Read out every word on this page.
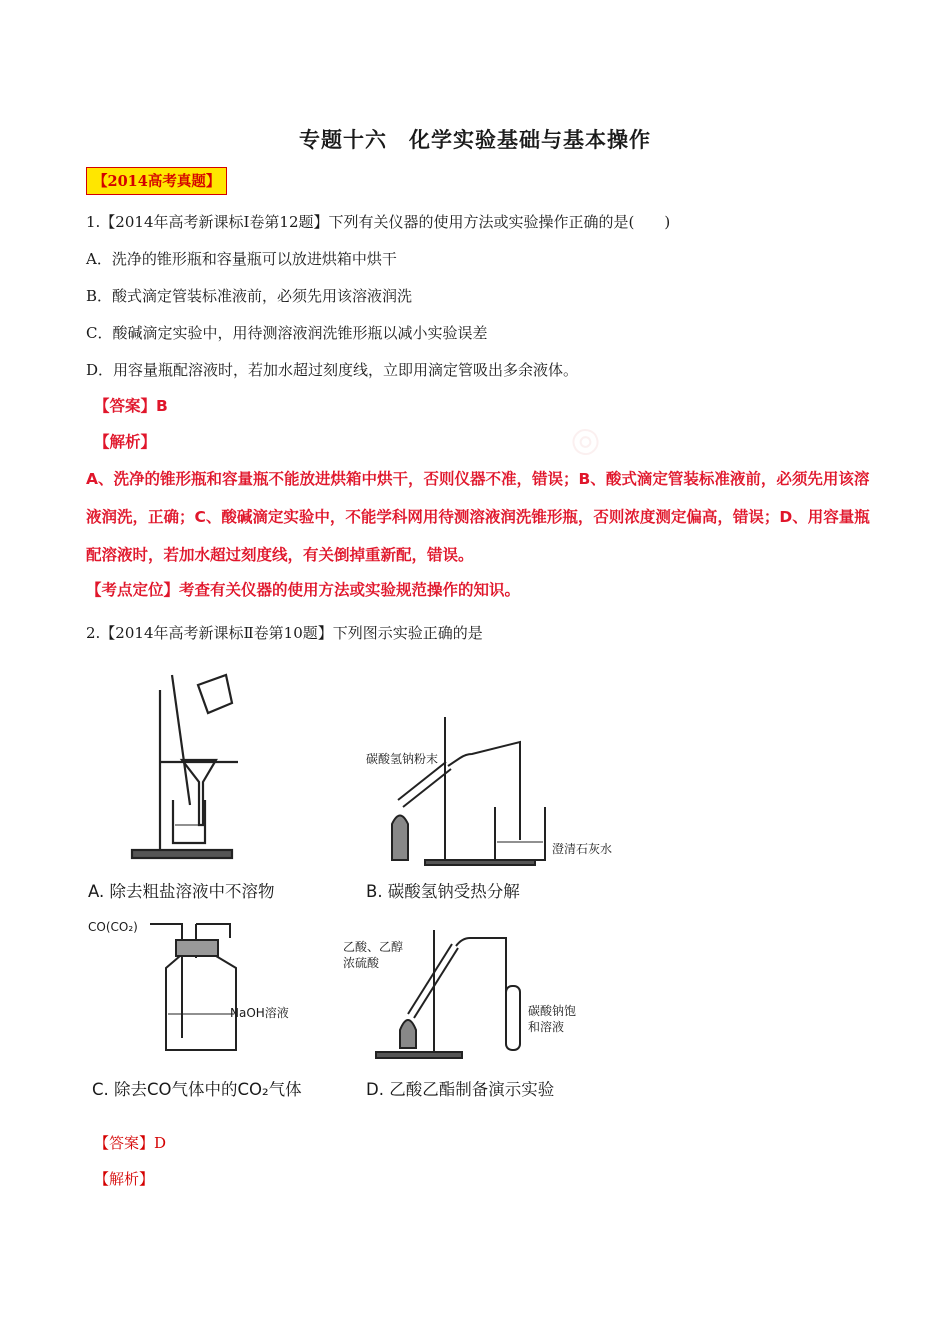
◎
专题十六　化学实验基础与基本操作
【2014高考真题】
1.【2014年高考新课标Ⅰ卷第12题】下列有关仪器的使用方法或实验操作正确的是(　　)
A．洗净的锥形瓶和容量瓶可以放进烘箱中烘干
B．酸式滴定管装标准液前，必须先用该溶液润洗
C．酸碱滴定实验中，用待测溶液润洗锥形瓶以减小实验误差
D．用容量瓶配溶液时，若加水超过刻度线，立即用滴定管吸出多余液体。
【答案】B
【解析】
A、洗净的锥形瓶和容量瓶不能放进烘箱中烘干，否则仪器不准，错误；B、酸式滴定管装标准液前，必须先用该溶液润洗，正确；C、酸碱滴定实验中，不能学科网用待测溶液润洗锥形瓶，否则浓度测定偏高，错误；D、用容量瓶配溶液时，若加水超过刻度线，有关倒掉重新配，错误。
【考点定位】考查有关仪器的使用方法或实验规范操作的知识。
2.【2014年高考新课标Ⅱ卷第10题】下列图示实验正确的是
A. 除去粗盐溶液中不溶物
碳酸氢钠粉末
澄清石灰水
B. 碳酸氢钠受热分解
CO(CO₂)
NaOH溶液
C. 除去CO气体中的CO₂气体
乙酸、乙醇
浓硫酸
碳酸钠饱
和溶液
D. 乙酸乙酯制备演示实验
【答案】D
【解析】
